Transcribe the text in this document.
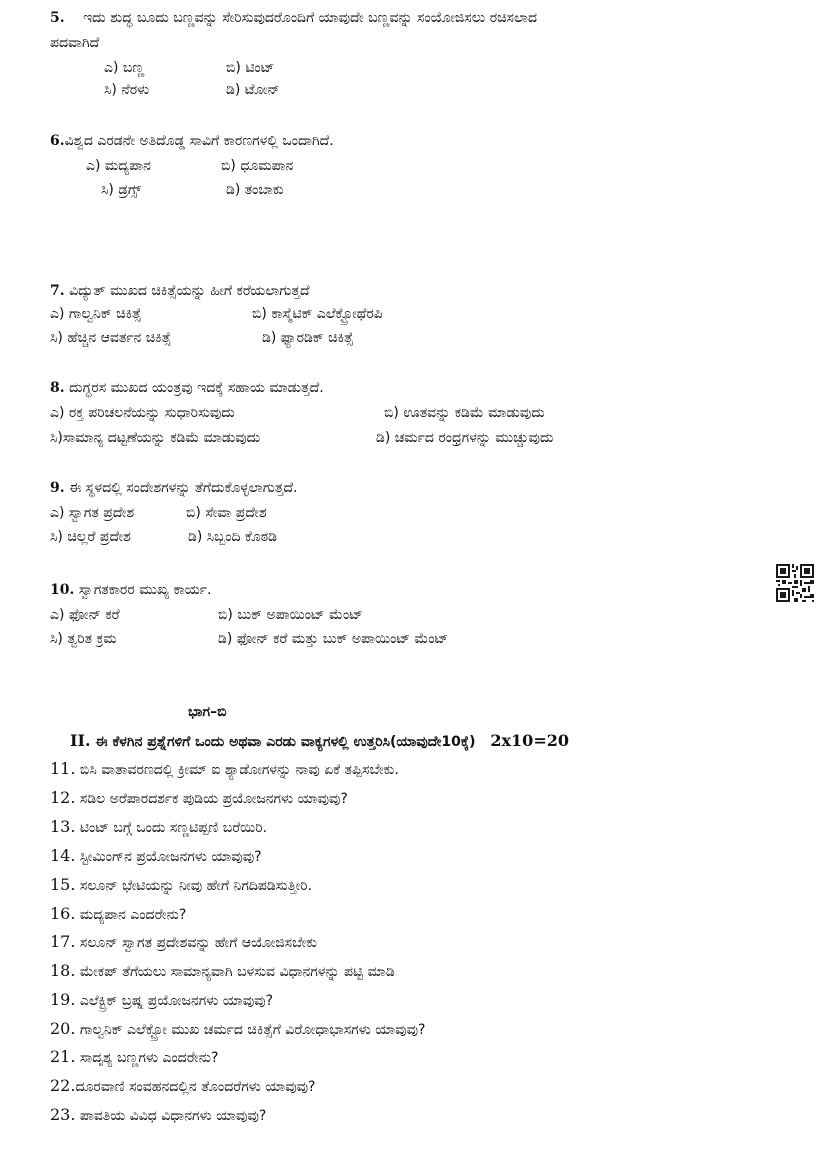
5. ಇದು ಶುದ್ಧ ಬೂದು ಬಣ್ಣವನ್ನು ಸೇರಿಸುವುದರೊಂದಿಗೆ ಯಾವುದೇ ಬಣ್ಣವನ್ನು ಸಂಯೋಜಿಸಲು ರಚಿಸಲಾದ
ಪದವಾಗಿದೆ
ಎ) ಬಣ್ಣ	ಬಿ) ಟಿಂಟ್
ಸಿ) ನೆರಳು	ಡಿ) ಟೋನ್
6.ವಿಶ್ವದ ಎರಡನೇ ಅತಿದೊಡ್ಡ ಸಾವಿಗೆ ಕಾರಣಗಳಲ್ಲಿ ಒಂದಾಗಿದೆ.
ಎ) ಮದ್ಯಪಾನ	ಬಿ) ಧೂಮಪಾನ
ಸಿ) ಡ್ರಗ್ಸ್	ಡಿ) ತಂಬಾಕು
7. ವಿದ್ಯುತ್ ಮುಖದ ಚಿಕಿತ್ಸೆಯನ್ನು ಹೀಗೆ ಕರೆಯಲಾಗುತ್ತದೆ
ಎ) ಗಾಲ್ವನಿಕ್ ಚಿಕಿತ್ಸೆ	ಬಿ) ಕಾಸ್ಮೆಟಿಕ್ ಎಲೆಕ್ಟ್ರೋಥೆರಪಿ
ಸಿ) ಹೆಚ್ಚಿನ ಆವರ್ತನ ಚಿಕಿತ್ಸೆ	ಡಿ) ಫ್ಯಾರಡಿಕ್ ಚಿಕಿತ್ಸೆ
8. ದುಗ್ಧರಸ ಮುಖದ ಯಂತ್ರವು ಇದಕ್ಕೆ ಸಹಾಯ ಮಾಡುತ್ತದೆ.
ಎ) ರಕ್ತ ಪರಿಚಲನೆಯನ್ನು ಸುಧಾರಿಸುವುದು	ಬಿ) ಊತವನ್ನು ಕಡಿಮೆ ಮಾಡುವುದು
ಸಿ)ಸಾಮಾನ್ಯ ದಟ್ಟಣೆಯನ್ನು ಕಡಿಮೆ ಮಾಡುವುದು	ಡಿ) ಚರ್ಮದ ರಂಧ್ರಗಳನ್ನು ಮುಚ್ಚುವುದು
9. ಈ ಸ್ಥಳದಲ್ಲಿ ಸಂದೇಶಗಳನ್ನು ತೆಗೆದುಕೊಳ್ಳಲಾಗುತ್ತದೆ.
ಎ) ಸ್ವಾಗತ ಪ್ರದೇಶ	ಬಿ) ಸೇವಾ ಪ್ರದೇಶ
ಸಿ) ಚಿಲ್ಲರೆ ಪ್ರದೇಶ	ಡಿ) ಸಿಬ್ಬಂದಿ ಕೊಠಡಿ
10. ಸ್ವಾಗತಕಾರರ ಮುಖ್ಯ ಕಾರ್ಯ.
ಎ) ಫೋನ್ ಕರೆ	ಬಿ) ಬುಕ್ ಅಪಾಯಿಂಟ್ ಮೆಂಟ್
ಸಿ) ತ್ವರಿತ ಕ್ರಮ	ಡಿ) ಫೋನ್ ಕರೆ ಮತ್ತು ಬುಕ್ ಅಪಾಯಿಂಟ್ ಮೆಂಟ್
ಭಾಗ–ಬಿ
II. ಈ ಕೆಳಗಿನ ಪ್ರಶ್ನೆಗಳಿಗೆ ಒಂದು ಅಥವಾ ಎರಡು ವಾಕ್ಯಗಳಲ್ಲಿ ಉತ್ತರಿಸಿ(ಯಾವುದೇ10ಕ್ಕೆ) 2x10=20
11. ಬಿಸಿ ವಾತಾವರಣದಲ್ಲಿ ಕ್ರೀಮ್ ಐ ಶ್ಯಾಡೋಗಳನ್ನು ನಾವು ಏಕೆ ತಪ್ಪಿಸಬೇಕು.
12. ಸಡಿಲ ಅರೆಪಾರದರ್ಶಕ ಪುಡಿಯ ಪ್ರಯೋಜನಗಳು ಯಾವುವು?
13. ಟಿಂಟ್ ಬಗ್ಗೆ ಒಂದು ಸಣ್ಣಟಿಪ್ಪಣಿ ಬರೆಯಿರಿ.
14. ಸ್ಟೀಮಿಂಗ್‌ನ ಪ್ರಯೋಜನಗಳು ಯಾವುವು?
15. ಸಲೂನ್ ಭೇಟಿಯನ್ನು ನೀವು ಹೇಗೆ ನಿಗದಿಪಡಿಸುತ್ತೀರಿ.
16. ಮದ್ಯಪಾನ ಎಂದರೇನು?
17. ಸಲೂನ್ ಸ್ವಾಗತ ಪ್ರದೇಶವನ್ನು ಹೇಗೆ ಆಯೋಜಿಸಬೇಕು
18. ಮೇಕಪ್ ತೆಗೆಯಲು ಸಾಮಾನ್ಯವಾಗಿ ಬಳಸುವ ವಿಧಾನಗಳನ್ನು ಪಟ್ಟಿ ಮಾಡಿ
19. ಎಲೆಕ್ಟ್ರಿಕ್ ಬ್ರಷ್ನ ಪ್ರಯೋಜನಗಳು ಯಾವುವು?
20. ಗಾಲ್ವನಿಕ್ ಎಲೆಕ್ಟ್ರೋ ಮುಖ ಚರ್ಮದ ಚಿಕಿತ್ಸೆಗೆ ವಿರೋಧಾಭಾಸಗಳು ಯಾವುವು?
21. ಸಾದೃಶ್ಯ ಬಣ್ಣಗಳು ಎಂದರೇನು?
22.ದೂರವಾಣಿ ಸಂವಹನದಲ್ಲಿನ ತೊಂದರೆಗಳು ಯಾವುವು?
23. ಪಾವತಿಯ ವಿವಿಧ ವಿಧಾನಗಳು ಯಾವುವು?
